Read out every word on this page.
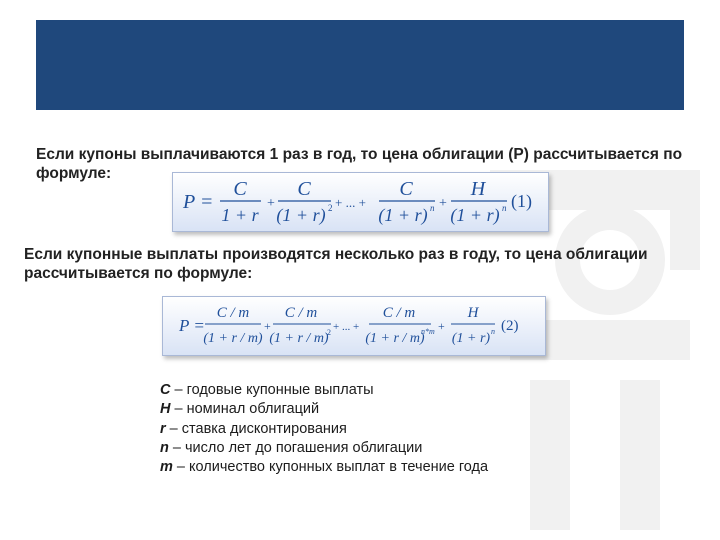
Если купоны выплачиваются 1 раз в год, то цена облигации (Р) рассчитывается по формуле:
P =
C
1 + r
+
C
(1 + r) 2 + ... +
C
(1 + r) n +
H
(1 + r) n (1)
Если купонные выплаты производятся несколько раз в году, то цена облигации рассчитывается по формуле:
P =
C / m
(1 + r / m)
+
C / m
(1 + r / m)
2 + ... +
C / m
(1 + r / m)
n*m +
H
(1 + r) n (2)
C – годовые купонные выплаты
H – номинал облигаций
r – ставка дисконтирования
n – число лет до погашения облигации
m – количество купонных выплат в течение года
